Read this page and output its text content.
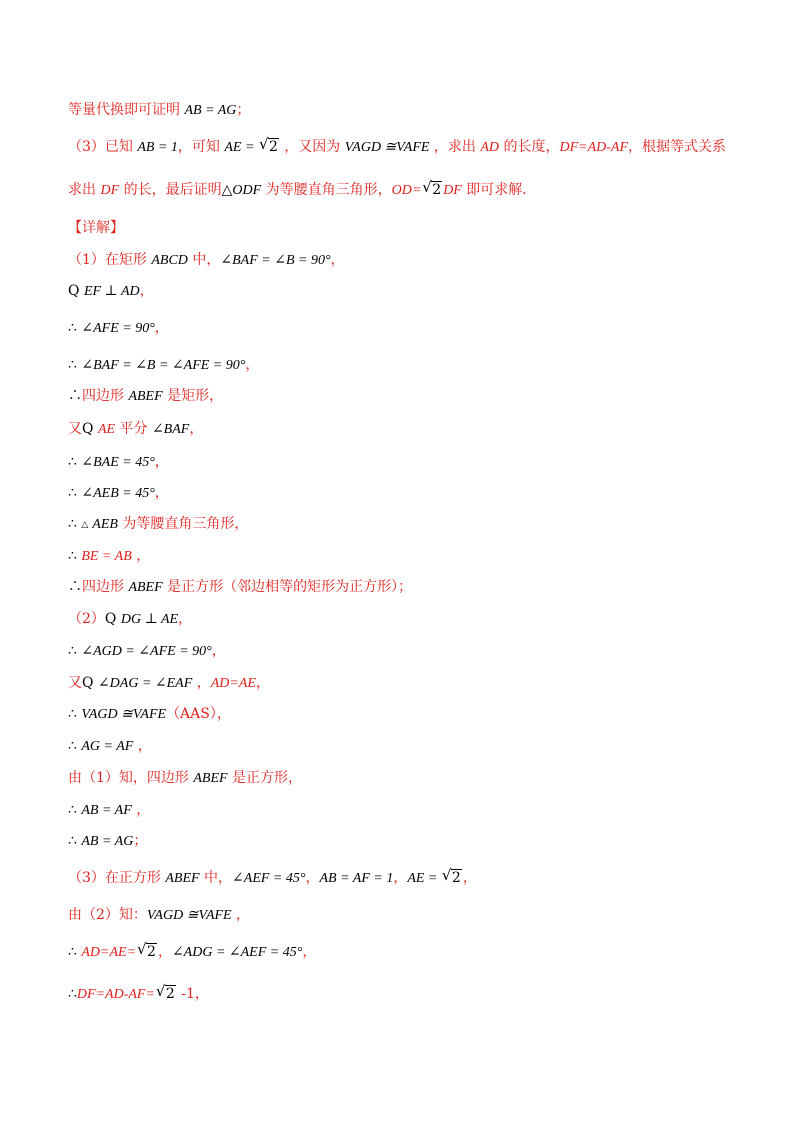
等量代换即可证明 AB = AG；
（3）已知 AB = 1，可知 AE = √ 2 ，又因为 VAGD ≅VAFE ，求出 AD 的长度，DF=AD-AF，根据等式关系
求出 DF 的长，最后证明△ODF 为等腰直角三角形，OD= √ 2 DF 即可求解．
【详解】
（1）在矩形 ABCD 中，∠BAF = ∠B = 90°，
Q EF ⊥ AD，
∴ ∠AFE = 90°，
∴ ∠BAF = ∠B = ∠AFE = 90°，
∴四边形 ABEF 是矩形，
又Q AE 平分 ∠BAF，
∴ ∠BAE = 45°，
∴ ∠AEB = 45°，
∴ △ AEB 为等腰直角三角形，
∴ BE = AB ，
∴四边形 ABEF 是正方形（邻边相等的矩形为正方形）；
（2）Q DG ⊥ AE，
∴ ∠AGD = ∠AFE = 90°，
又Q ∠DAG = ∠EAF ，AD=AE，
∴ VAGD ≅VAFE（AAS），
∴ AG = AF ，
由（1）知，四边形 ABEF 是正方形，
∴ AB = AF ，
∴ AB = AG；
（3）在正方形 ABEF 中，∠AEF = 45°，AB = AF = 1，AE = √ 2 ，
由（2）知：VAGD ≅VAFE ，
∴ AD=AE= √ 2 ，∠ADG = ∠AEF = 45°，
∴DF=AD-AF= √ 2 -1，
